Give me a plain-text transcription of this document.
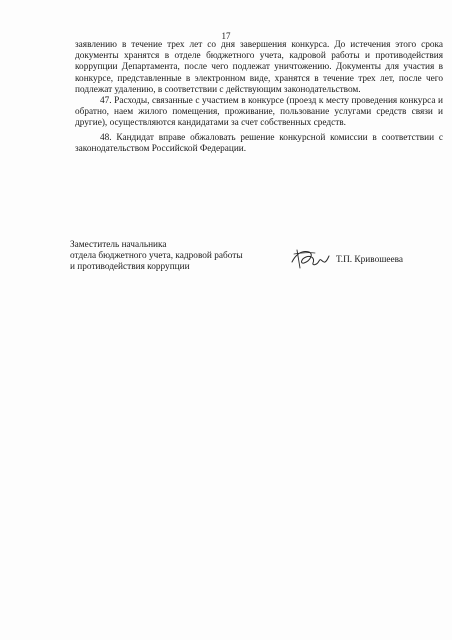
17

заявлению в течение трех лет со дня завершения конкурса. До истечения этого срока документы хранятся в отделе бюджетного учета, кадровой работы и противодействия коррупции Департамента, после чего подлежат уничтожению. Документы для участия в конкурсе, представленные в электронном виде, хранятся в течение трех лет, после чего подлежат удалению, в соответствии с действующим законодательством.

47. Расходы, связанные с участием в конкурсе (проезд к месту проведения конкурса и обратно, наем жилого помещения, проживание, пользование услугами средств связи и другие), осуществляются кандидатами за счет собственных средств.

48. Кандидат вправе обжаловать решение конкурсной комиссии в соответствии с законодательством Российской Федерации.

Заместитель начальника
отдела бюджетного учета, кадровой работы
и противодействия коррупции
Т.П. Кривошеева
